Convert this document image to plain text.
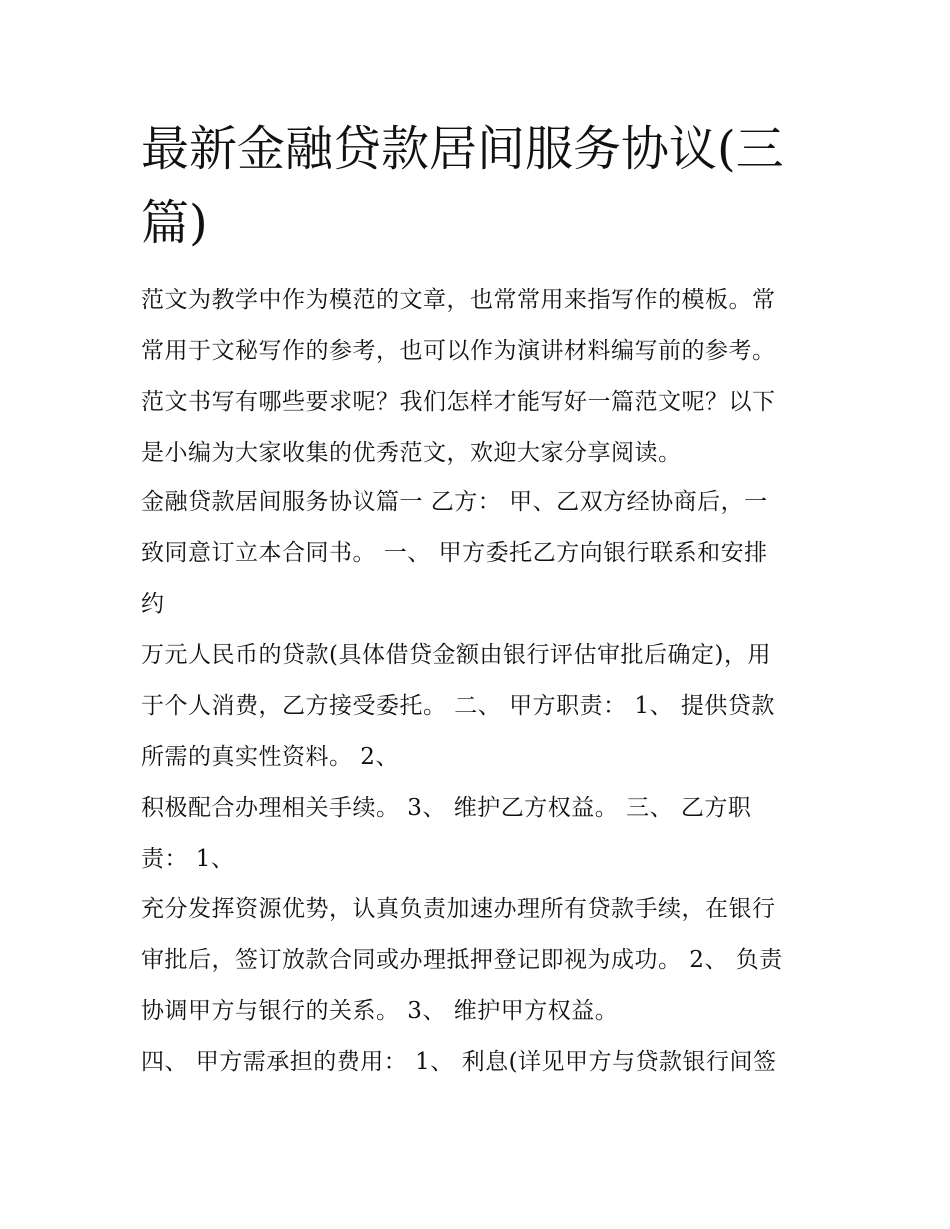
最新金融贷款居间服务协议(三
篇)

范文为教学中作为模范的文章，也常常用来指写作的模板。常
常用于文秘写作的参考，也可以作为演讲材料编写前的参考。
范文书写有哪些要求呢？我们怎样才能写好一篇范文呢？以下
是小编为大家收集的优秀范文，欢迎大家分享阅读。

金融贷款居间服务协议篇一 乙方： 甲、乙双方经协商后，一
致同意订立本合同书。 一、 甲方委托乙方向银行联系和安排
约

万元人民币的贷款(具体借贷金额由银行评估审批后确定)，用
于个人消费，乙方接受委托。 二、 甲方职责： 1、 提供贷款
所需的真实性资料。 2、

积极配合办理相关手续。 3、 维护乙方权益。 三、 乙方职
责： 1、

充分发挥资源优势，认真负责加速办理所有贷款手续，在银行
审批后，签订放款合同或办理抵押登记即视为成功。 2、 负责
协调甲方与银行的关系。 3、 维护甲方权益。

四、 甲方需承担的费用： 1、 利息(详见甲方与贷款银行间签
